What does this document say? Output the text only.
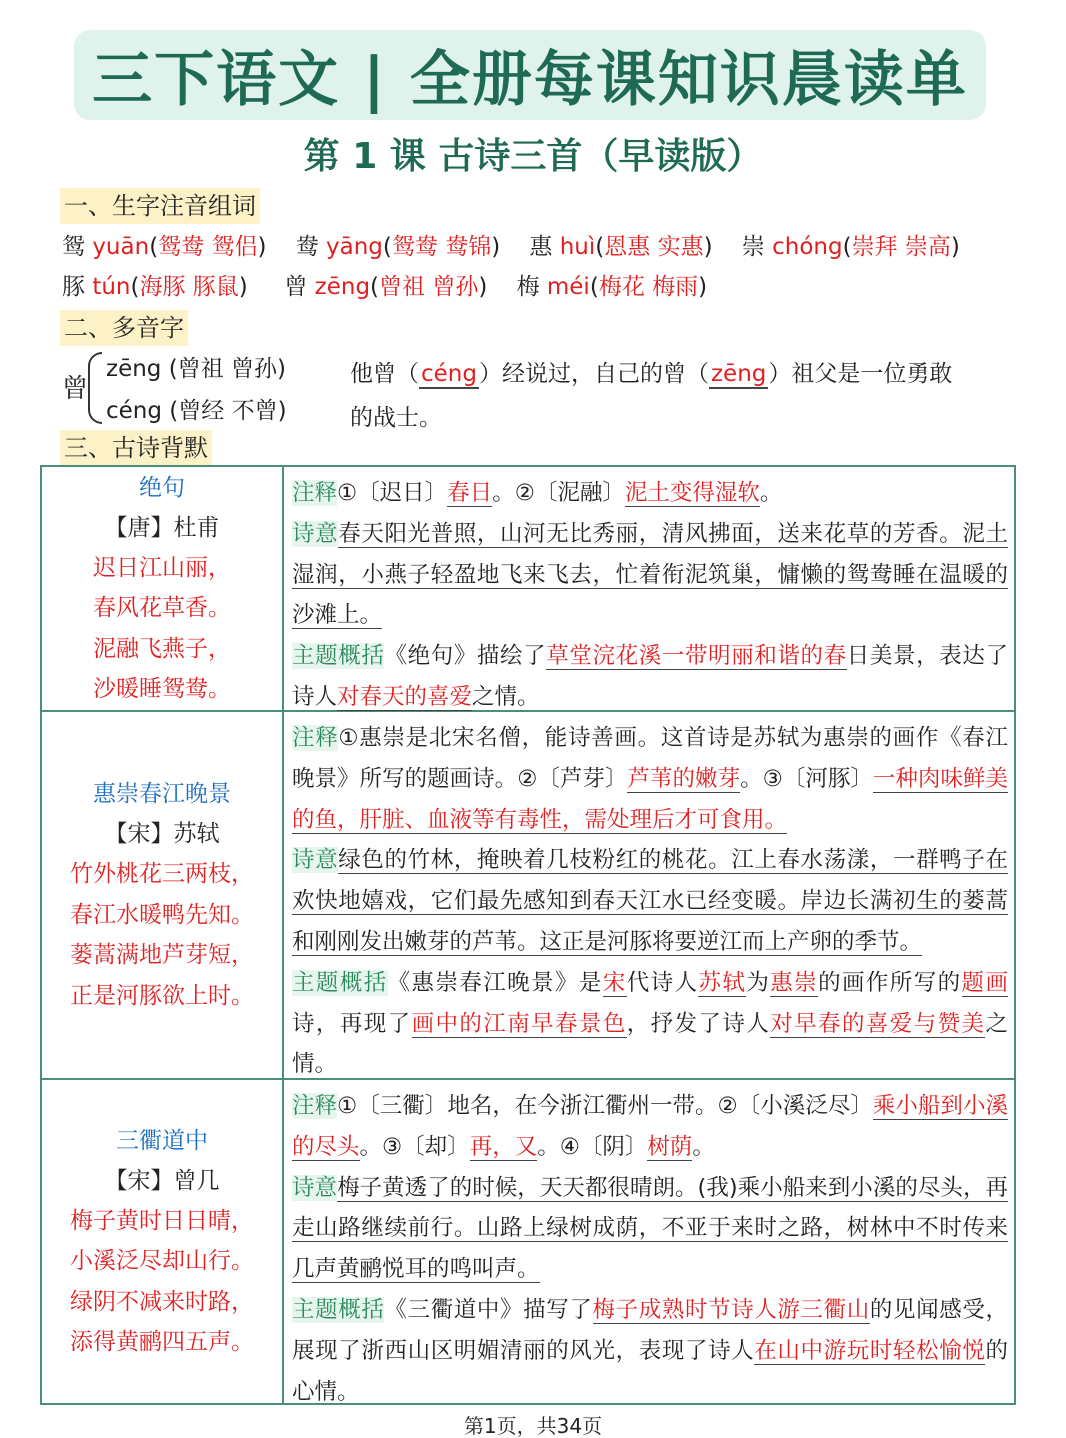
三下语文 | 全册每课知识晨读单
第 1 课 古诗三首（早读版）
一、生字注音组词
鸳 yuān(鸳鸯 鸳侣)    鸯 yāng(鸳鸯 鸯锦)    惠 huì(恩惠 实惠)    崇 chóng(崇拜 崇高)
豚 tún(海豚 豚鼠)     曾 zēng(曾祖 曾孙)    梅 méi(梅花 梅雨)
二、多音字
曾
zēng (曾祖 曾孙)
céng (曾经 不曾)
他曾（céng）经说过，自己的曾（zēng）祖父是一位勇敢的战士。
三、古诗背默
绝句
【唐】杜甫
迟日江山丽，
春风花草香。
泥融飞燕子，
沙暖睡鸳鸯。

注释①〔迟日〕春日。②〔泥融〕泥土变得湿软。

诗意春天阳光普照，山河无比秀丽，清风拂面，送来花草的芳香。泥土湿润，小燕子轻盈地飞来飞去，忙着衔泥筑巢，慵懒的鸳鸯睡在温暖的沙滩上。

主题概括《绝句》描绘了草堂浣花溪一带明丽和谐的春日美景，表达了诗人对春天的喜爱之情。

惠崇春江晚景
【宋】苏轼
竹外桃花三两枝，
春江水暖鸭先知。
蒌蒿满地芦芽短，
正是河豚欲上时。

注释①惠崇是北宋名僧，能诗善画。这首诗是苏轼为惠崇的画作《春江晚景》所写的题画诗。②〔芦芽〕芦苇的嫩芽。③〔河豚〕一种肉味鲜美的鱼，肝脏、血液等有毒性，需处理后才可食用。

诗意绿色的竹林，掩映着几枝粉红的桃花。江上春水荡漾，一群鸭子在欢快地嬉戏，它们最先感知到春天江水已经变暖。岸边长满初生的蒌蒿和刚刚发出嫩芽的芦苇。这正是河豚将要逆江而上产卵的季节。

主题概括《惠崇春江晚景》是宋代诗人苏轼为惠崇的画作所写的题画诗，再现了画中的江南早春景色，抒发了诗人对早春的喜爱与赞美之情。

三衢道中
【宋】曾几
梅子黄时日日晴，
小溪泛尽却山行。
绿阴不减来时路，
添得黄鹂四五声。

注释①〔三衢〕地名，在今浙江衢州一带。②〔小溪泛尽〕乘小船到小溪的尽头。③〔却〕再，又。④〔阴〕树荫。

诗意梅子黄透了的时候，天天都很晴朗。(我)乘小船来到小溪的尽头，再走山路继续前行。山路上绿树成荫，不亚于来时之路，树林中不时传来几声黄鹂悦耳的鸣叫声。

主题概括《三衢道中》描写了梅子成熟时节诗人游三衢山的见闻感受，展现了浙西山区明媚清丽的风光，表现了诗人在山中游玩时轻松愉悦的心情。

第1页，共34页
